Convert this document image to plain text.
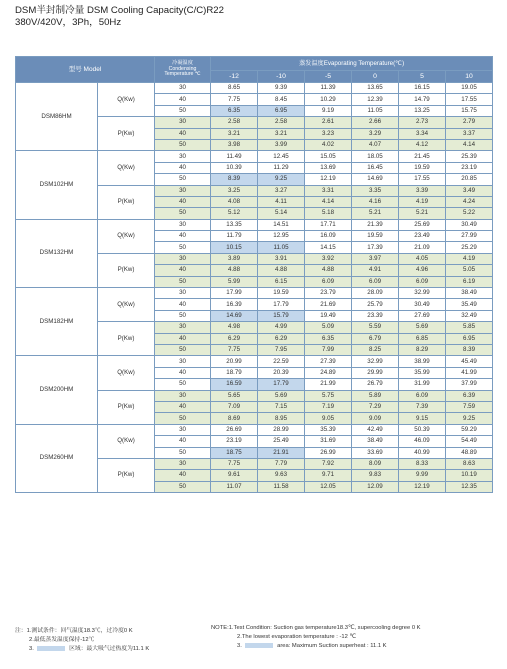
DSM半封制冷量 DSM Cooling Capacity(C/C)R22
380V/420V，3Ph，50Hz
型号 Model		冷凝温度
Condensing
Temperature ℃	蒸发温度Evaporating Temperature(℃)					
			-12	-10	-5	0	5	10
DSM86HM	Q(Kw)	30	8.65	9.39	11.39	13.65	16.15	19.05
		40	7.75	8.45	10.29	12.39	14.79	17.55
		50	6.35	6.95	9.19	11.05	13.25	15.75
	P(Kw)	30	2.58	2.58	2.61	2.66	2.73	2.79
		40	3.21	3.21	3.23	3.29	3.34	3.37
		50	3.98	3.99	4.02	4.07	4.12	4.14
DSM102HM	Q(Kw)	30	11.49	12.45	15.05	18.05	21.45	25.39
		40	10.39	11.29	13.69	16.45	19.59	23.19
		50	8.39	9.25	12.19	14.69	17.55	20.85
	P(Kw)	30	3.25	3.27	3.31	3.35	3.39	3.49
		40	4.08	4.11	4.14	4.16	4.19	4.24
		50	5.12	5.14	5.18	5.21	5.21	5.22
DSM132HM	Q(Kw)	30	13.35	14.51	17.71	21.39	25.69	30.49
		40	11.79	12.95	16.09	19.59	23.49	27.99
		50	10.15	11.05	14.15	17.39	21.09	25.29
	P(Kw)	30	3.89	3.91	3.92	3.97	4.05	4.19
		40	4.88	4.88	4.88	4.91	4.96	5.05
		50	5.99	6.15	6.09	6.09	6.09	6.19
DSM182HM	Q(Kw)	30	17.99	19.59	23.79	28.09	32.99	38.49
		40	16.39	17.79	21.69	25.79	30.49	35.49
		50	14.69	15.79	19.49	23.39	27.69	32.49
	P(Kw)	30	4.98	4.99	5.09	5.59	5.69	5.85
		40	6.29	6.29	6.35	6.79	6.85	6.95
		50	7.75	7.95	7.99	8.25	8.29	8.39
DSM200HM	Q(Kw)	30	20.99	22.59	27.39	32.99	38.99	45.49
		40	18.79	20.39	24.89	29.99	35.99	41.99
		50	16.59	17.79	21.99	26.79	31.99	37.99
	P(Kw)	30	5.65	5.69	5.75	5.89	6.09	6.39
		40	7.09	7.15	7.19	7.29	7.39	7.59
		50	8.69	8.95	9.05	9.09	9.15	9.25
DSM260HM	Q(Kw)	30	26.69	28.99	35.39	42.49	50.39	59.29
		40	23.19	25.49	31.69	38.49	46.09	54.49
		50	18.75	21.91	26.99	33.69	40.99	48.89
	P(Kw)	30	7.75	7.79	7.92	8.09	8.33	8.63
		40	9.61	9.63	9.71	9.83	9.99	10.19
		50	11.07	11.58	12.05	12.09	12.19	12.35
注：1.测试条件：回气温度18.3℃，过冷度0 K	NOTE:1.Test Condition: Suction gas temperature18.3℃, supercooling degree 0 K
2.最低蒸发温度保持-12℃	2.The lowest evaporation temperature : -12 ℃
3.	区域：最大吸气过热度为11.1 K	3.	area: Maximum Suction superheat : 11.1 K
